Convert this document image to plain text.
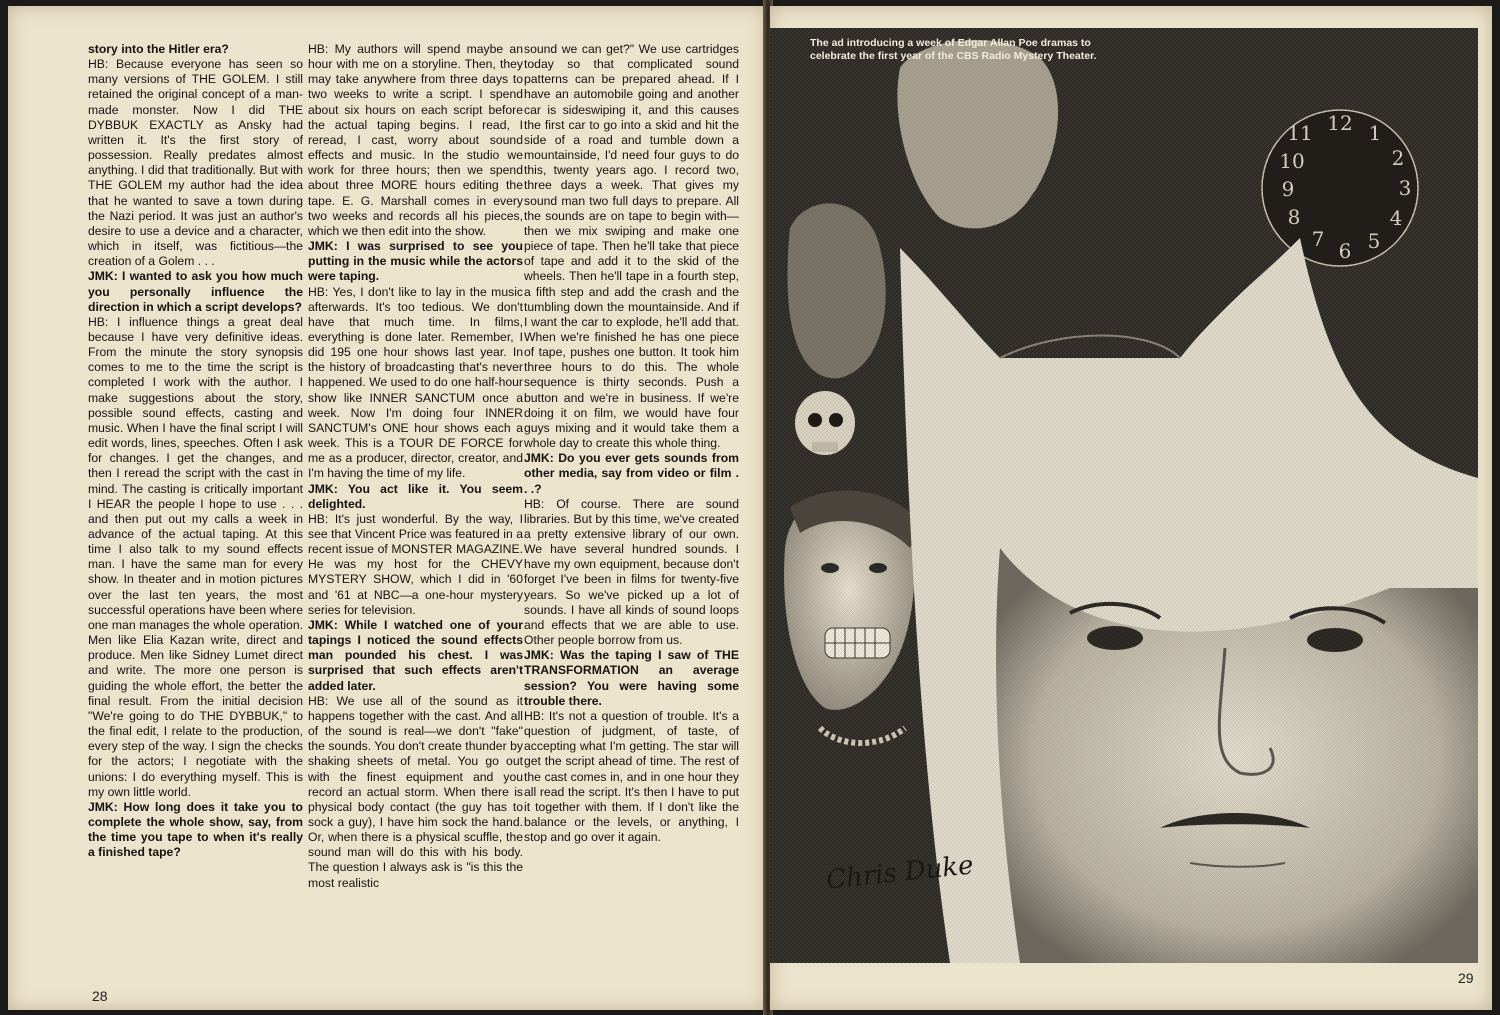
story into the Hitler era?

HB: Because everyone has seen so many versions of THE GOLEM. I still retained the original concept of a man-made monster. Now I did THE DYBBUK EXACTLY as Ansky had written it. It's the first story of possession. Really predates almost anything. I did that traditionally. But with THE GOLEM my author had the idea that he wanted to save a town during the Nazi period. It was just an author's desire to use a device and a character, which in itself, was fictitious—the creation of a Golem . . .

JMK: I wanted to ask you how much you personally influence the direction in which a script develops?

HB: I influence things a great deal because I have very definitive ideas. From the minute the story synopsis comes to me to the time the script is completed I work with the author. I make suggestions about the story, possible sound effects, casting and music. When I have the final script I will edit words, lines, speeches. Often I ask for changes. I get the changes, and then I reread the script with the cast in mind. The casting is critically important I HEAR the people I hope to use . . . and then put out my calls a week in advance of the actual taping. At this time I also talk to my sound effects man. I have the same man for every show. In theater and in motion pictures over the last ten years, the most successful operations have been where one man manages the whole operation. Men like Elia Kazan write, direct and produce. Men like Sidney Lumet direct and write. The more one person is guiding the whole effort, the better the final result. From the initial decision "We're going to do THE DYBBUK," to the final edit, I relate to the production, every step of the way. I sign the checks for the actors; I negotiate with the unions: I do everything myself. This is my own little world.

JMK: How long does it take you to complete the whole show, say, from the time you tape to when it's really a finished tape?

HB: My authors will spend maybe an hour with me on a storyline. Then, they may take anywhere from three days to two weeks to write a script. I spend about six hours on each script before the actual taping begins. I read, I reread, I cast, worry about sound effects and music. In the studio we work for three hours; then we spend about three MORE hours editing the tape. E. G. Marshall comes in every two weeks and records all his pieces, which we then edit into the show.

JMK: I was surprised to see you putting in the music while the actors were taping.

HB: Yes, I don't like to lay in the music afterwards. It's too tedious. We don't have that much time. In films, everything is done later. Remember, I did 195 one hour shows last year. In the history of broadcasting that's never happened. We used to do one half-hour show like INNER SANCTUM once a week. Now I'm doing four INNER SANCTUM's ONE hour shows each a week. This is a TOUR DE FORCE for me as a producer, director, creator, and I'm having the time of my life.

JMK: You act like it. You seem delighted.

HB: It's just wonderful. By the way, I see that Vincent Price was featured in a recent issue of MONSTER MAGAZINE. He was my host for the CHEVY MYSTERY SHOW, which I did in '60 and '61 at NBC—a one-hour mystery series for television.

JMK: While I watched one of your tapings I noticed the sound effects man pounded his chest. I was surprised that such effects aren't added later.

HB: We use all of the sound as it happens together with the cast. And all of the sound is real—we don't "fake" the sounds. You don't create thunder by shaking sheets of metal. You go out with the finest equipment and you record an actual storm. When there is physical body contact (the guy has to sock a guy), I have him sock the hand. Or, when there is a physical scuffle, the sound man will do this with his body. The question I always ask is "is this the most realistic

sound we can get?" We use cartridges today so that complicated sound patterns can be prepared ahead. If I have an automobile going and another car is sideswiping it, and this causes the first car to go into a skid and hit the side of a road and tumble down a mountainside, I'd need four guys to do this, twenty years ago. I record two, three days a week. That gives my sound man two full days to prepare. All the sounds are on tape to begin with—then we mix swiping and make one piece of tape. Then he'll take that piece of tape and add it to the skid of the wheels. Then he'll tape in a fourth step, a fifth step and add the crash and the tumbling down the mountainside. And if I want the car to explode, he'll add that. When we're finished he has one piece of tape, pushes one button. It took him three hours to do this. The whole sequence is thirty seconds. Push a button and we're in business. If we're doing it on film, we would have four guys mixing and it would take them a whole day to create this whole thing.

JMK: Do you ever gets sounds from other media, say from video or film . . .?

HB: Of course. There are sound libraries. But by this time, we've created a pretty extensive library of our own. We have several hundred sounds. I have my own equipment, because don't forget I've been in films for twenty-five years. So we've picked up a lot of sounds. I have all kinds of sound loops and effects that we are able to use. Other people borrow from us.

JMK: Was the taping I saw of THE TRANSFORMATION an average session? You were having some trouble there.

HB: It's not a question of trouble. It's a question of judgment, of taste, of accepting what I'm getting. The star will get the script ahead of time. The rest of the cast comes in, and in one hour they all read the script. It's then I have to put it together with them. If I don't like the balance or the levels, or anything, I stop and go over it again.

28
29
The ad introducing a week of Edgar Allan Poe dramas to
celebrate the first year of the CBS Radio Mystery Theater.
11 12 1
2
3
4
5
6
7
8
9
10
Chris Duke
